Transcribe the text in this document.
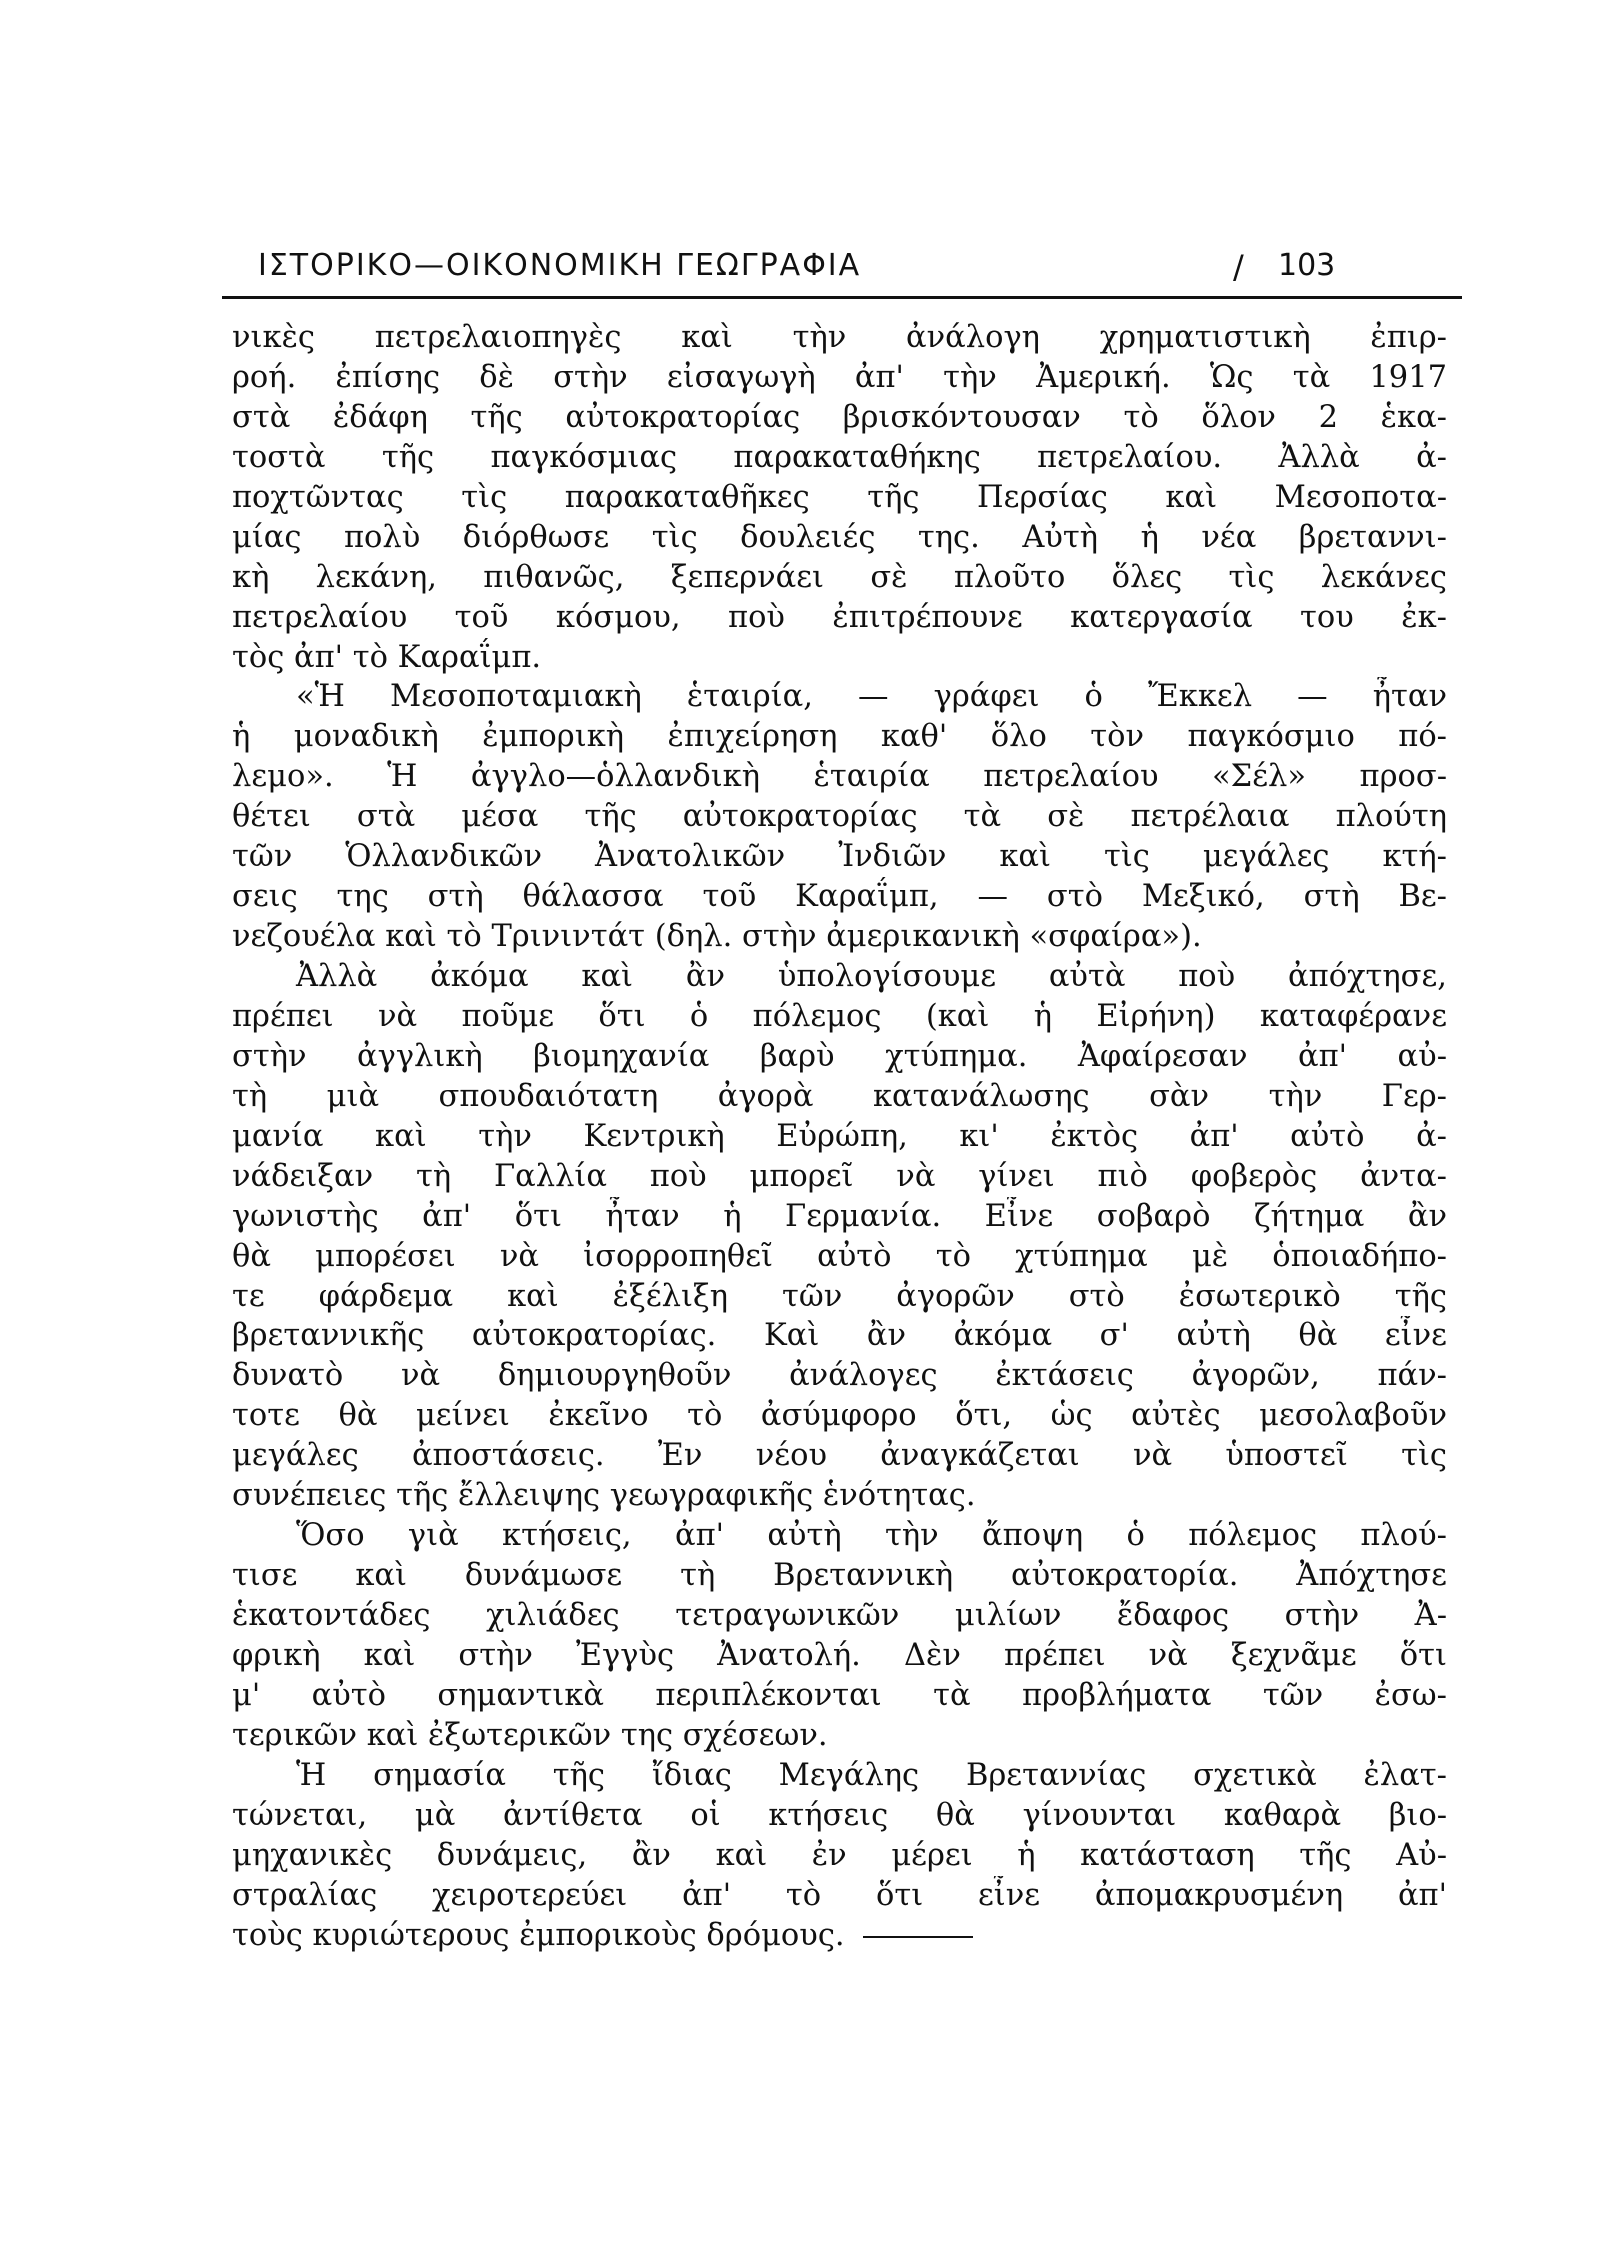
ΙΣΤΟΡΙΚΟ—ΟΙΚΟΝΟΜΙΚΗ ΓΕΩΓΡΑΦΙΑ	/ 103
νικὲς πετρελαιοπηγὲς καὶ τὴν ἀνάλογη χρηματιστικὴ ἐπιρ-
ροή. ἐπίσης δὲ στὴν εἰσαγωγὴ ἀπ' τὴν Ἀμερική. Ὡς τὰ 1917
στὰ ἐδάφη τῆς αὐτοκρατορίας βρισκόντουσαν τὸ ὅλον 2 ἑκα-
τοστὰ τῆς παγκόσμιας παρακαταθήκης πετρελαίου. Ἀλλὰ ἀ-
ποχτῶντας τὶς παρακαταθῆκες τῆς Περσίας καὶ Μεσοποτα-
μίας πολὺ διόρθωσε τὶς δουλειές της. Αὐτὴ ἡ νέα βρεταννι-
κὴ λεκάνη, πιθανῶς, ξεπερνάει σὲ πλοῦτο ὅλες τὶς λεκάνες
πετρελαίου τοῦ κόσμου, ποὺ ἐπιτρέπουνε κατεργασία του ἐκ-
τὸς ἀπ' τὸ Καραΐμπ.
«Ἡ Μεσοποταμιακὴ ἑταιρία, — γράφει ὁ Ἔκκελ — ἦταν
ἡ μοναδικὴ ἐμπορικὴ ἐπιχείρηση καθ' ὅλο τὸν παγκόσμιο πό-
λεμο». Ἡ ἀγγλο—ὁλλανδικὴ ἑταιρία πετρελαίου «Σέλ» προσ-
θέτει στὰ μέσα τῆς αὐτοκρατορίας τὰ σὲ πετρέλαια πλούτη
τῶν Ὁλλανδικῶν Ἀνατολικῶν Ἰνδιῶν καὶ τὶς μεγάλες κτή-
σεις της στὴ θάλασσα τοῦ Καραΐμπ, — στὸ Μεξικό, στὴ Βε-
νεζουέλα καὶ τὸ Τρινιντάτ (δηλ. στὴν ἀμερικανικὴ «σφαίρα»).
Ἀλλὰ ἀκόμα καὶ ἂν ὑπολογίσουμε αὐτὰ ποὺ ἀπόχτησε,
πρέπει νὰ ποῦμε ὅτι ὁ πόλεμος (καὶ ἡ Εἰρήνη) καταφέρανε
στὴν ἀγγλικὴ βιομηχανία βαρὺ χτύπημα. Ἀφαίρεσαν ἀπ' αὐ-
τὴ μιὰ σπουδαιότατη ἀγορὰ κατανάλωσης σὰν τὴν Γερ-
μανία καὶ τὴν Κεντρικὴ Εὐρώπη, κι' ἐκτὸς ἀπ' αὐτὸ ἀ-
νάδειξαν τὴ Γαλλία ποὺ μπορεῖ νὰ γίνει πιὸ φοβερὸς ἀντα-
γωνιστὴς ἀπ' ὅτι ἦταν ἡ Γερμανία. Εἶνε σοβαρὸ ζήτημα ἂν
θὰ μπορέσει νὰ ἰσορροπηθεῖ αὐτὸ τὸ χτύπημα μὲ ὁποιαδήπο-
τε φάρδεμα καὶ ἐξέλιξη τῶν ἀγορῶν στὸ ἐσωτερικὸ τῆς
βρεταννικῆς αὐτοκρατορίας. Καὶ ἂν ἀκόμα σ' αὐτὴ θὰ εἶνε
δυνατὸ νὰ δημιουργηθοῦν ἀνάλογες ἐκτάσεις ἀγορῶν, πάν-
τοτε θὰ μείνει ἐκεῖνο τὸ ἀσύμφορο ὅτι, ὡς αὐτὲς μεσολαβοῦν
μεγάλες ἀποστάσεις. Ἐν νέου ἀναγκάζεται νὰ ὑποστεῖ τὶς
συνέπειες τῆς ἔλλειψης γεωγραφικῆς ἑνότητας.
Ὅσο γιὰ κτήσεις, ἀπ' αὐτὴ τὴν ἄποψη ὁ πόλεμος πλού-
τισε καὶ δυνάμωσε τὴ Βρεταννικὴ αὐτοκρατορία. Ἀπόχτησε
ἑκατοντάδες χιλιάδες τετραγωνικῶν μιλίων ἔδαφος στὴν Ἀ-
φρικὴ καὶ στὴν Ἐγγὺς Ἀνατολή. Δὲν πρέπει νὰ ξεχνᾶμε ὅτι
μ' αὐτὸ σημαντικὰ περιπλέκονται τὰ προβλήματα τῶν ἐσω-
τερικῶν καὶ ἐξωτερικῶν της σχέσεων.
Ἡ σημασία τῆς ἴδιας Μεγάλης Βρεταννίας σχετικὰ ἐλατ-
τώνεται, μὰ ἀντίθετα οἱ κτήσεις θὰ γίνουνται καθαρὰ βιο-
μηχανικὲς δυνάμεις, ἂν καὶ ἐν μέρει ἡ κατάσταση τῆς Αὐ-
στραλίας χειροτερεύει ἀπ' τὸ ὅτι εἶνε ἀπομακρυσμένη ἀπ'
τοὺς κυριώτερους ἐμπορικοὺς δρόμους.
